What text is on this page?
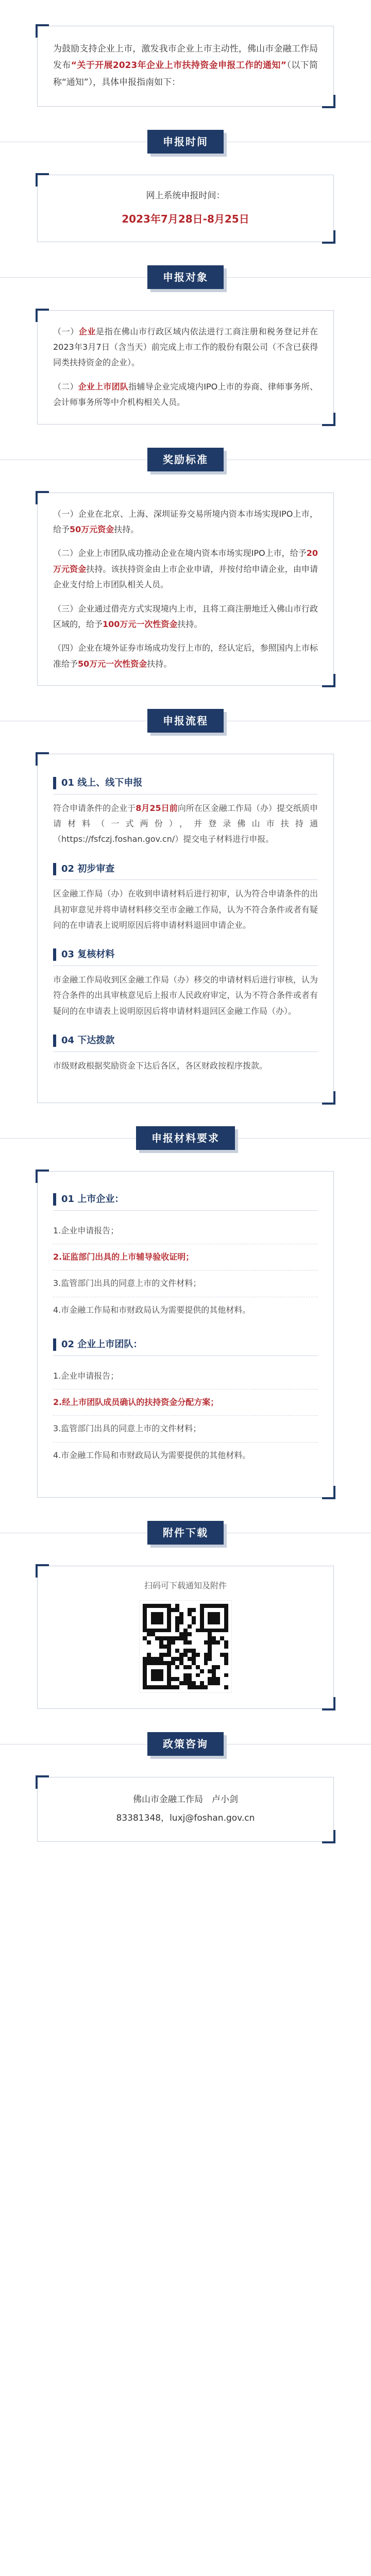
为鼓励支持企业上市，激发我市企业上市主动性，佛山市金融工作局发布“关于开展2023年企业上市扶持资金申报工作的通知”（以下简称“通知”），具体申报指南如下：

申报时间
网上系统申报时间：
2023年7月28日-8月25日
申报对象

（一）企业是指在佛山市行政区域内依法进行工商注册和税务登记并在2023年3月7日（含当天）前完成上市工作的股份有限公司（不含已获得同类扶持资金的企业）。

（二）企业上市团队指辅导企业完成境内IPO上市的券商、律师事务所、会计师事务所等中介机构相关人员。

奖励标准

（一）企业在北京、上海、深圳证券交易所境内资本市场实现IPO上市，给予50万元资金扶持。

（二）企业上市团队成功推动企业在境内资本市场实现IPO上市，给予20万元资金扶持。该扶持资金由上市企业申请，并按付给申请企业，由申请企业支付给上市团队相关人员。

（三）企业通过借壳方式实现境内上市，且将工商注册地迁入佛山市行政区域的，给予100万元一次性资金扶持。

（四）企业在境外证券市场成功发行上市的，经认定后，参照国内上市标准给予50万元一次性资金扶持。

申报流程
01 线上、线下申报

符合申请条件的企业于8月25日前向所在区金融工作局（办）提交纸质申请材料（一式两份），并登录佛山市扶持通（https://fsfczj.foshan.gov.cn/）提交电子材料进行申报。

02 初步审查

区金融工作局（办）在收到申请材料后进行初审，认为符合申请条件的出具初审意见并将申请材料移交至市金融工作局，认为不符合条件或者有疑问的在申请表上说明原因后将申请材料退回申请企业。

03 复核材料

市金融工作局收到区金融工作局（办）移交的申请材料后进行审核，认为符合条件的出具审核意见后上报市人民政府审定，认为不符合条件或者有疑问的在申请表上说明原因后将申请材料退回区金融工作局（办）。

04 下达拨款

市级财政根据奖励资金下达后各区，各区财政按程序拨款。

申报材料要求
01 上市企业：
1.企业申请报告；
2.证监部门出具的上市辅导验收证明；
3.监管部门出具的同意上市的文件材料；
4.市金融工作局和市财政局认为需要提供的其他材料。
02 企业上市团队：
1.企业申请报告；
2.经上市团队成员确认的扶持资金分配方案；
3.监管部门出具的同意上市的文件材料；
4.市金融工作局和市财政局认为需要提供的其他材料。
附件下载
扫码可下载通知及附件
政策咨询

佛山市金融工作局　卢小剑

83381348，luxj@foshan.gov.cn
